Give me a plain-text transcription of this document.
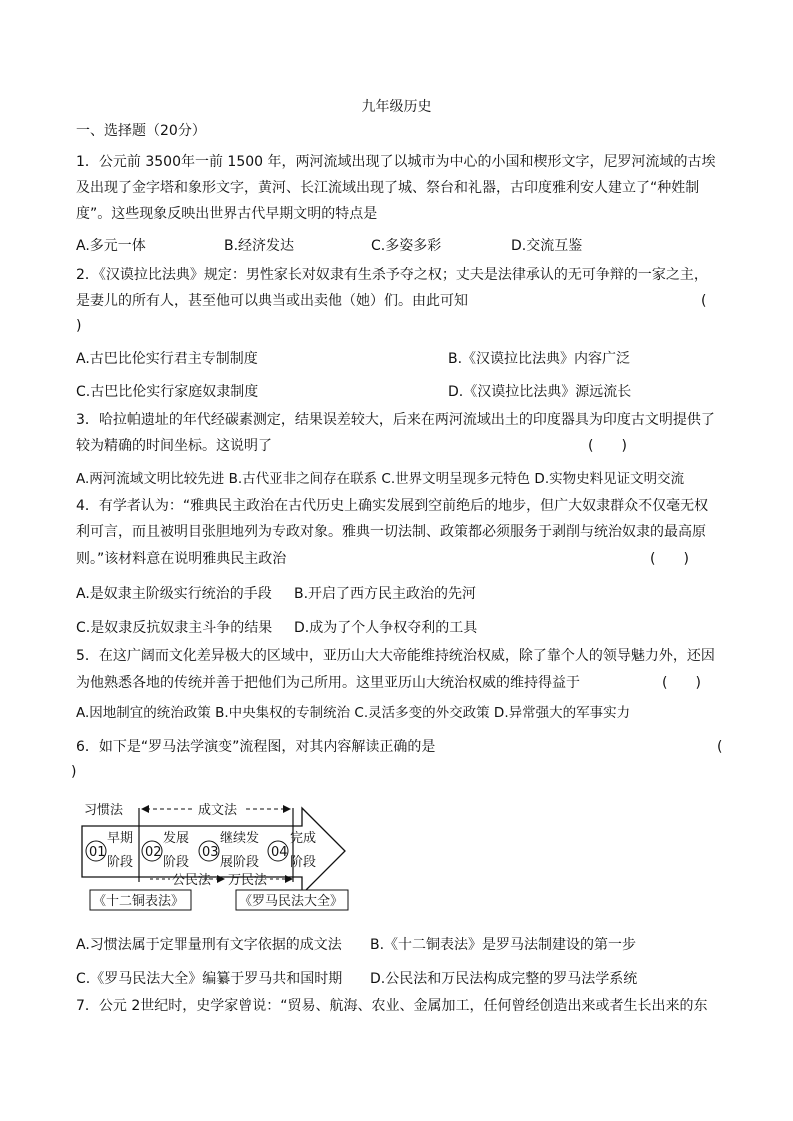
九年级历史
一、选择题（20分）
1．公元前 3500年一前 1500 年，两河流域出现了以城市为中心的小国和楔形文字，尼罗河流域的古埃
及出现了金字塔和象形文字，黄河、长江流域出现了城、祭台和礼器，古印度雅利安人建立了“种姓制
度”。这些现象反映出世界古代早期文明的特点是
A.多元一体	B.经济发达	C.多姿多彩	D.交流互鉴
2．《汉谟拉比法典》规定：男性家长对奴隶有生杀予夺之权；丈夫是法律承认的无可争辩的一家之主，
是妻儿的所有人，甚至他可以典当或出卖他（她）们。由此可知	(
)
A.古巴比伦实行君主专制制度	B.《汉谟拉比法典》内容广泛
C.古巴比伦实行家庭奴隶制度	D.《汉谟拉比法典》源远流长
3．哈拉帕遗址的年代经碳素测定，结果误差较大，后来在两河流域出土的印度器具为印度古文明提供了
较为精确的时间坐标。这说明了	(　　)
A.两河流域文明比较先进 B.古代亚非之间存在联系 C.世界文明呈现多元特色 D.实物史料见证文明交流
4．有学者认为：“雅典民主政治在古代历史上确实发展到空前绝后的地步，但广大奴隶群众不仅毫无权
利可言，而且被明目张胆地列为专政对象。雅典一切法制、政策都必须服务于剥削与统治奴隶的最高原
则。”该材料意在说明雅典民主政治	(　　)
A.是奴隶主阶级实行统治的手段 B.开启了西方民主政治的先河
C.是奴隶反抗奴隶主斗争的结果 D.成为了个人争权夺利的工具
5．在这广阔而文化差异极大的区域中，亚历山大大帝能维持统治权威，除了靠个人的领导魅力外，还因
为他熟悉各地的传统并善于把他们为己所用。这里亚历山大统治权威的维持得益于	(　　)
A.因地制宜的统治政策 B.中央集权的专制统治 C.灵活多变的外交政策 D.异常强大的军事实力
6．如下是“罗马法学演变”流程图，对其内容解读正确的是	(
)
习惯法	成文法
01	02	03	04
早期
阶段
发展
阶段
继续发
展阶段
完成
阶段
公民法 万民法
《十二铜表法》	《罗马民法大全》
A.习惯法属于定罪量刑有文字依据的成文法 B.《十二铜表法》是罗马法制建设的第一步
C.《罗马民法大全》编纂于罗马共和国时期 D.公民法和万民法构成完整的罗马法学系统
7．公元 2世纪时，史学家曾说：“贸易、航海、农业、金属加工，任何曾经创造出来或者生长出来的东
